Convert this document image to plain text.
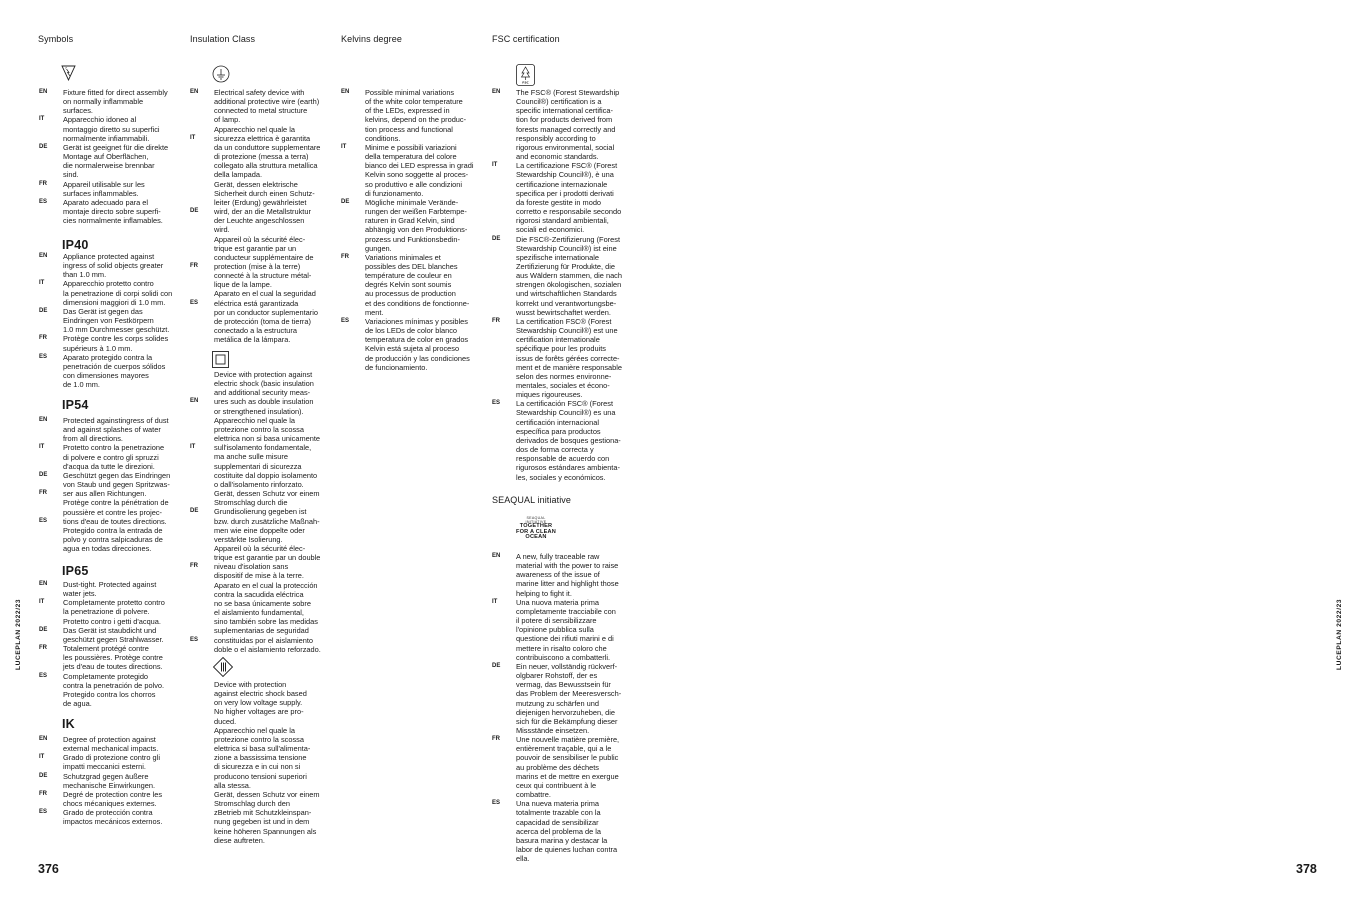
Symbols	Insulation Class	Kelvins degree	FSC certification
F
FSC
SEAQUAL
INITIATIVE
TOGETHER
FOR A CLEAN
OCEAN
EN	Fixture fitted for direct assembly
on normally inflammable
surfaces.
IT	Apparecchio idoneo al
montaggio diretto su superfici
normalmente infiammabili.
DE	Gerät ist geeignet für die direkte
Montage auf Oberflächen,
die normalerweise brennbar
sind.
FR	Appareil utilisable sur les
surfaces inflammables.
ES	Aparato adecuado para el
montaje directo sobre superfi-
cies normalmente inflamables.
IP40
EN	Appliance protected against
ingress of solid objects greater
than 1.0 mm.
IT	Apparecchio protetto contro
la penetrazione di corpi solidi con
dimensioni maggiori di 1.0 mm.
DE	Das Gerät ist gegen das
Eindringen von Festkörpern
1.0 mm Durchmesser geschützt.
FR	Protège contre les corps solides
supérieurs à 1.0 mm.
ES	Aparato protegido contra la
penetración de cuerpos sólidos
con dimensiones mayores
de 1.0 mm.
IP54
EN	Protected againstingress of dust
and against splashes of water
from all directions.
IT	Protetto contro la penetrazione
di polvere e contro gli spruzzi
d'acqua da tutte le direzioni.
DE	Geschützt gegen das Eindringen
von Staub und gegen Spritzwas-
FR	ser aus allen Richtungen.
Protège contre la pénétration de
poussière et contre les projec-
ES	tions d'eau de toutes directions.
Protegido contra la entrada de
polvo y contra salpicaduras de
agua en todas direcciones.
IP65
EN	Dust-tight. Protected against
water jets.
IT	Completamente protetto contro
la penetrazione di polvere.
Protetto contro i getti d'acqua.
DE	Das Gerät ist staubdicht und
geschützt gegen Strahlwasser.
FR	Totalement protégé contre
les poussières. Protège contre
jets d'eau de toutes directions.
ES	Completamente protegido
contra la penetración de polvo.
Protegido contra los chorros
de agua.
IK
EN	Degree of protection against
external mechanical impacts.
IT	Grado di protezione contro gli
impatti meccanici esterni.
DE	Schutzgrad gegen äußere
mechanische Einwirkungen.
FR	Degré de protection contre les
chocs mécaniques externes.
ES	Grado de protección contra
impactos mecánicos externos.
EN	Electrical safety device with
additional protective wire (earth)
connected to metal structure
of lamp.
Apparecchio nel quale la
IT	sicurezza elettrica è garantita
da un conduttore supplementare
di protezione (messa a terra)
collegato alla struttura metallica
della lampada.
Gerät, dessen elektrische
Sicherheit durch einen Schutz-
leiter (Erdung) gewährleistet
DE	wird, der an die Metallstruktur
der Leuchte angeschlossen
wird.
Appareil où la sécurité élec-
trique est garantie par un
conducteur supplémentaire de
FR	protection (mise à la terre)
connecté à la structure métal-
lique de la lampe.
Aparato en el cual la seguridad
ES	eléctrica está garantizada
por un conductor suplementario
de protección (toma de tierra)
conectado a la estructura
metálica de la lámpara.
Device with protection against
electric shock (basic insulation
and additional security meas-
EN	ures such as double insulation
or strengthened insulation).
Apparecchio nel quale la
protezione contro la scossa
elettrica non si basa unicamente
IT	sull'isolamento fondamentale,
ma anche sulle misure
supplementari di sicurezza
costituite dal doppio isolamento
o dall'isolamento rinforzato.
Gerät, dessen Schutz vor einem
Stromschlag durch die
DE	Grundisolierung gegeben ist
bzw. durch zusätzliche Maßnah-
men wie eine doppelte oder
verstärkte Isolierung.
Appareil où la sécurité élec-
trique est garantie par un double
FR	niveau d'isolation sans
dispositif de mise à la terre.
Aparato en el cual la protección
contra la sacudida eléctrica
no se basa únicamente sobre
el aislamiento fundamental,
sino también sobre las medidas
suplementarias de seguridad
ES	constituidas por el aislamiento
doble o el aislamiento reforzado.
Device with protection
against electric shock based
on very low voltage supply.
No higher voltages are pro-
duced.
Apparecchio nel quale la
protezione contro la scossa
elettrica si basa sull'alimenta-
zione a bassissima tensione
di sicurezza e in cui non si
producono tensioni superiori
alla stessa.
Gerät, dessen Schutz vor einem
Stromschlag durch den
zBetrieb mit Schutzkleinspan-
nung gegeben ist und in dem
keine höheren Spannungen als
diese auftreten.
EN	Possible minimal variations
of the white color temperature
of the LEDs, expressed in
kelvins, depend on the produc-
tion process and functional
conditions.
IT	Minime e possibili variazioni
della temperatura del colore
bianco dei LED espressa in gradi
Kelvin sono soggette al proces-
so produttivo e alle condizioni
di funzionamento.
DE	Mögliche minimale Verände-
rungen der weißen Farbtempe-
raturen in Grad Kelvin, sind
abhängig von den Produktions-
prozess und Funktionsbedin-
gungen.
FR	Variations minimales et
possibles des DEL blanches
température de couleur en
degrés Kelvin sont soumis
au processus de production
et des conditions de fonctionne-
ment.
ES	Variaciones mínimas y posibles
de los LEDs de color blanco
temperatura de color en grados
Kelvin está sujeta al proceso
de producción y las condiciones
de funcionamiento.
EN	The FSC® (Forest Stewardship
Council®) certification is a
specific international certifica-
tion for products derived from
forests managed correctly and
responsibly according to
rigorous environmental, social
and economic standards.
IT	La certificazione FSC® (Forest
Stewardship Council®), è una
certificazione internazionale
specifica per i prodotti derivati
da foreste gestite in modo
corretto e responsabile secondo
rigorosi standard ambientali,
sociali ed economici.
DE	Die FSC®-Zertifizierung (Forest
Stewardship Council®) ist eine
spezifische internationale
Zertifizierung für Produkte, die
aus Wäldern stammen, die nach
strengen ökologischen, sozialen
und wirtschaftlichen Standards
korrekt und verantwortungsbe-
wusst bewirtschaftet werden.
FR	La certification FSC® (Forest
Stewardship Council®) est une
certification internationale
spécifique pour les produits
issus de forêts gérées correcte-
ment et de manière responsable
selon des normes environne-
mentales, sociales et écono-
miques rigoureuses.
ES	La certificación FSC® (Forest
Stewardship Council®) es una
certificación internacional
específica para productos
derivados de bosques gestiona-
dos de forma correcta y
responsable de acuerdo con
rigurosos estándares ambienta-
les, sociales y económicos.
SEAQUAL initiative
EN	A new, fully traceable raw
material with the power to raise
awareness of the issue of
marine litter and highlight those
helping to fight it.
IT	Una nuova materia prima
completamente tracciabile con
il potere di sensibilizzare
l'opinione pubblica sulla
questione dei rifiuti marini e di
mettere in risalto coloro che
contribuiscono a combatterli.
DE	Ein neuer, vollständig rückverf-
olgbarer Rohstoff, der es
vermag, das Bewusstsein für
das Problem der Meeresversch-
mutzung zu schärfen und
diejenigen hervorzuheben, die
sich für die Bekämpfung dieser
Missstände einsetzen.
FR	Une nouvelle matière première,
entièrement traçable, qui a le
pouvoir de sensibiliser le public
au problème des déchets
marins et de mettre en exergue
ceux qui contribuent à le
combattre.
ES	Una nueva materia prima
totalmente trazable con la
capacidad de sensibilizar
acerca del problema de la
basura marina y destacar la
labor de quienes luchan contra
ella.
LUCEPLAN 2022/23	LUCEPLAN 2022/23
376	378
